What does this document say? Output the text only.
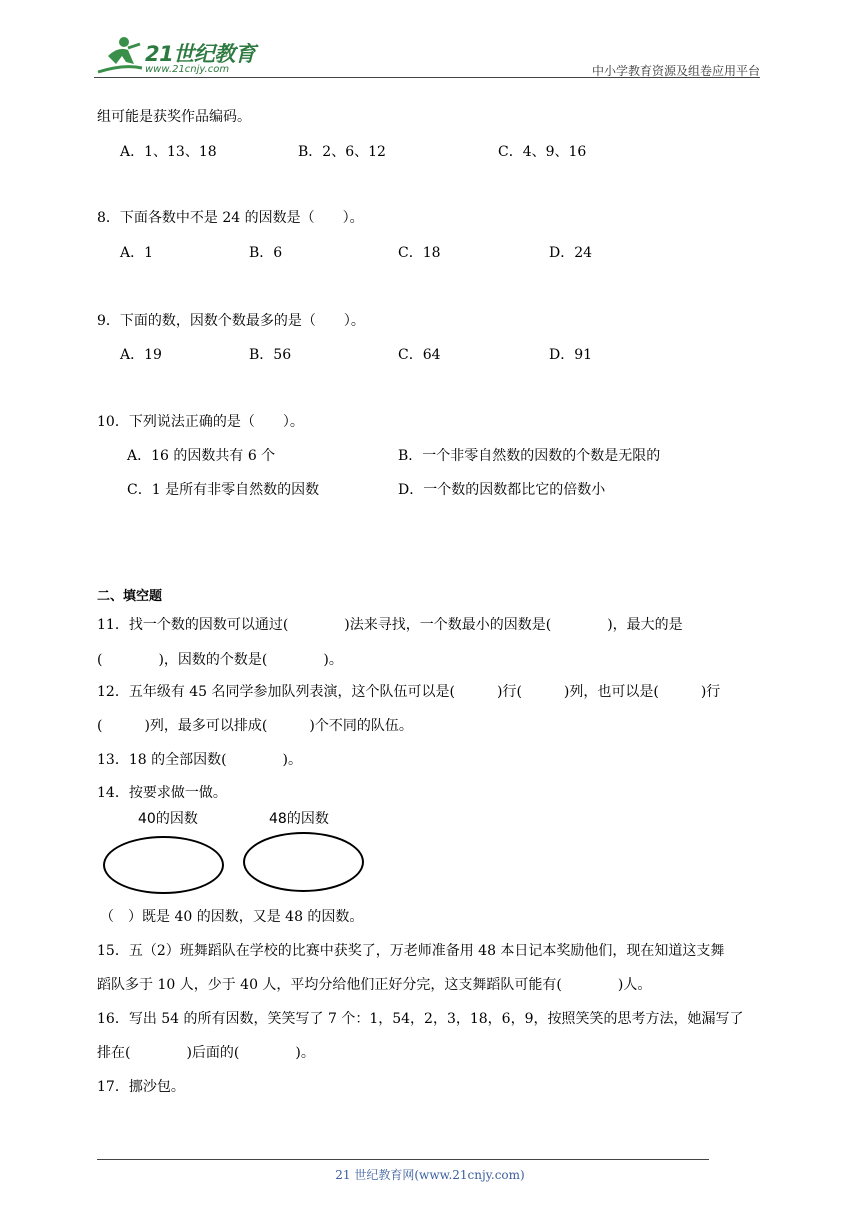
21世纪教育
www.21cnjy.com	中小学教育资源及组卷应用平台
组可能是获奖作品编码。
A．1、13、18	B．2、6、12	C．4、9、16
8．下面各数中不是 24 的因数是（　　）。
A．1	B．6	C．18	D．24
9．下面的数，因数个数最多的是（　　）。
A．19	B．56	C．64	D．91
10．下列说法正确的是（　　）。
A．16 的因数共有 6 个	B．一个非零自然数的因数的个数是无限的
C．1 是所有非零自然数的因数	D．一个数的因数都比它的倍数小
二、填空题
11．找一个数的因数可以通过(　　　　)法来寻找，一个数最小的因数是(　　　　)，最大的是
(　　　　)，因数的个数是(　　　　)。
12．五年级有 45 名同学参加队列表演，这个队伍可以是(　　　)行(　　　)列，也可以是(　　　)行
(　　　)列，最多可以排成(　　　)个不同的队伍。
13．18 的全部因数(　　　　)。
14．按要求做一做。
40的因数	48的因数
（　）既是 40 的因数，又是 48 的因数。
15．五（2）班舞蹈队在学校的比赛中获奖了，万老师准备用 48 本日记本奖励他们，现在知道这支舞
蹈队多于 10 人，少于 40 人，平均分给他们正好分完，这支舞蹈队可能有(　　　　)人。
16．写出 54 的所有因数，笑笑写了 7 个：1，54，2，3，18，6，9，按照笑笑的思考方法，她漏写了
排在(　　　　)后面的(　　　　)。
17．挪沙包。
21 世纪教育网(www.21cnjy.com)
